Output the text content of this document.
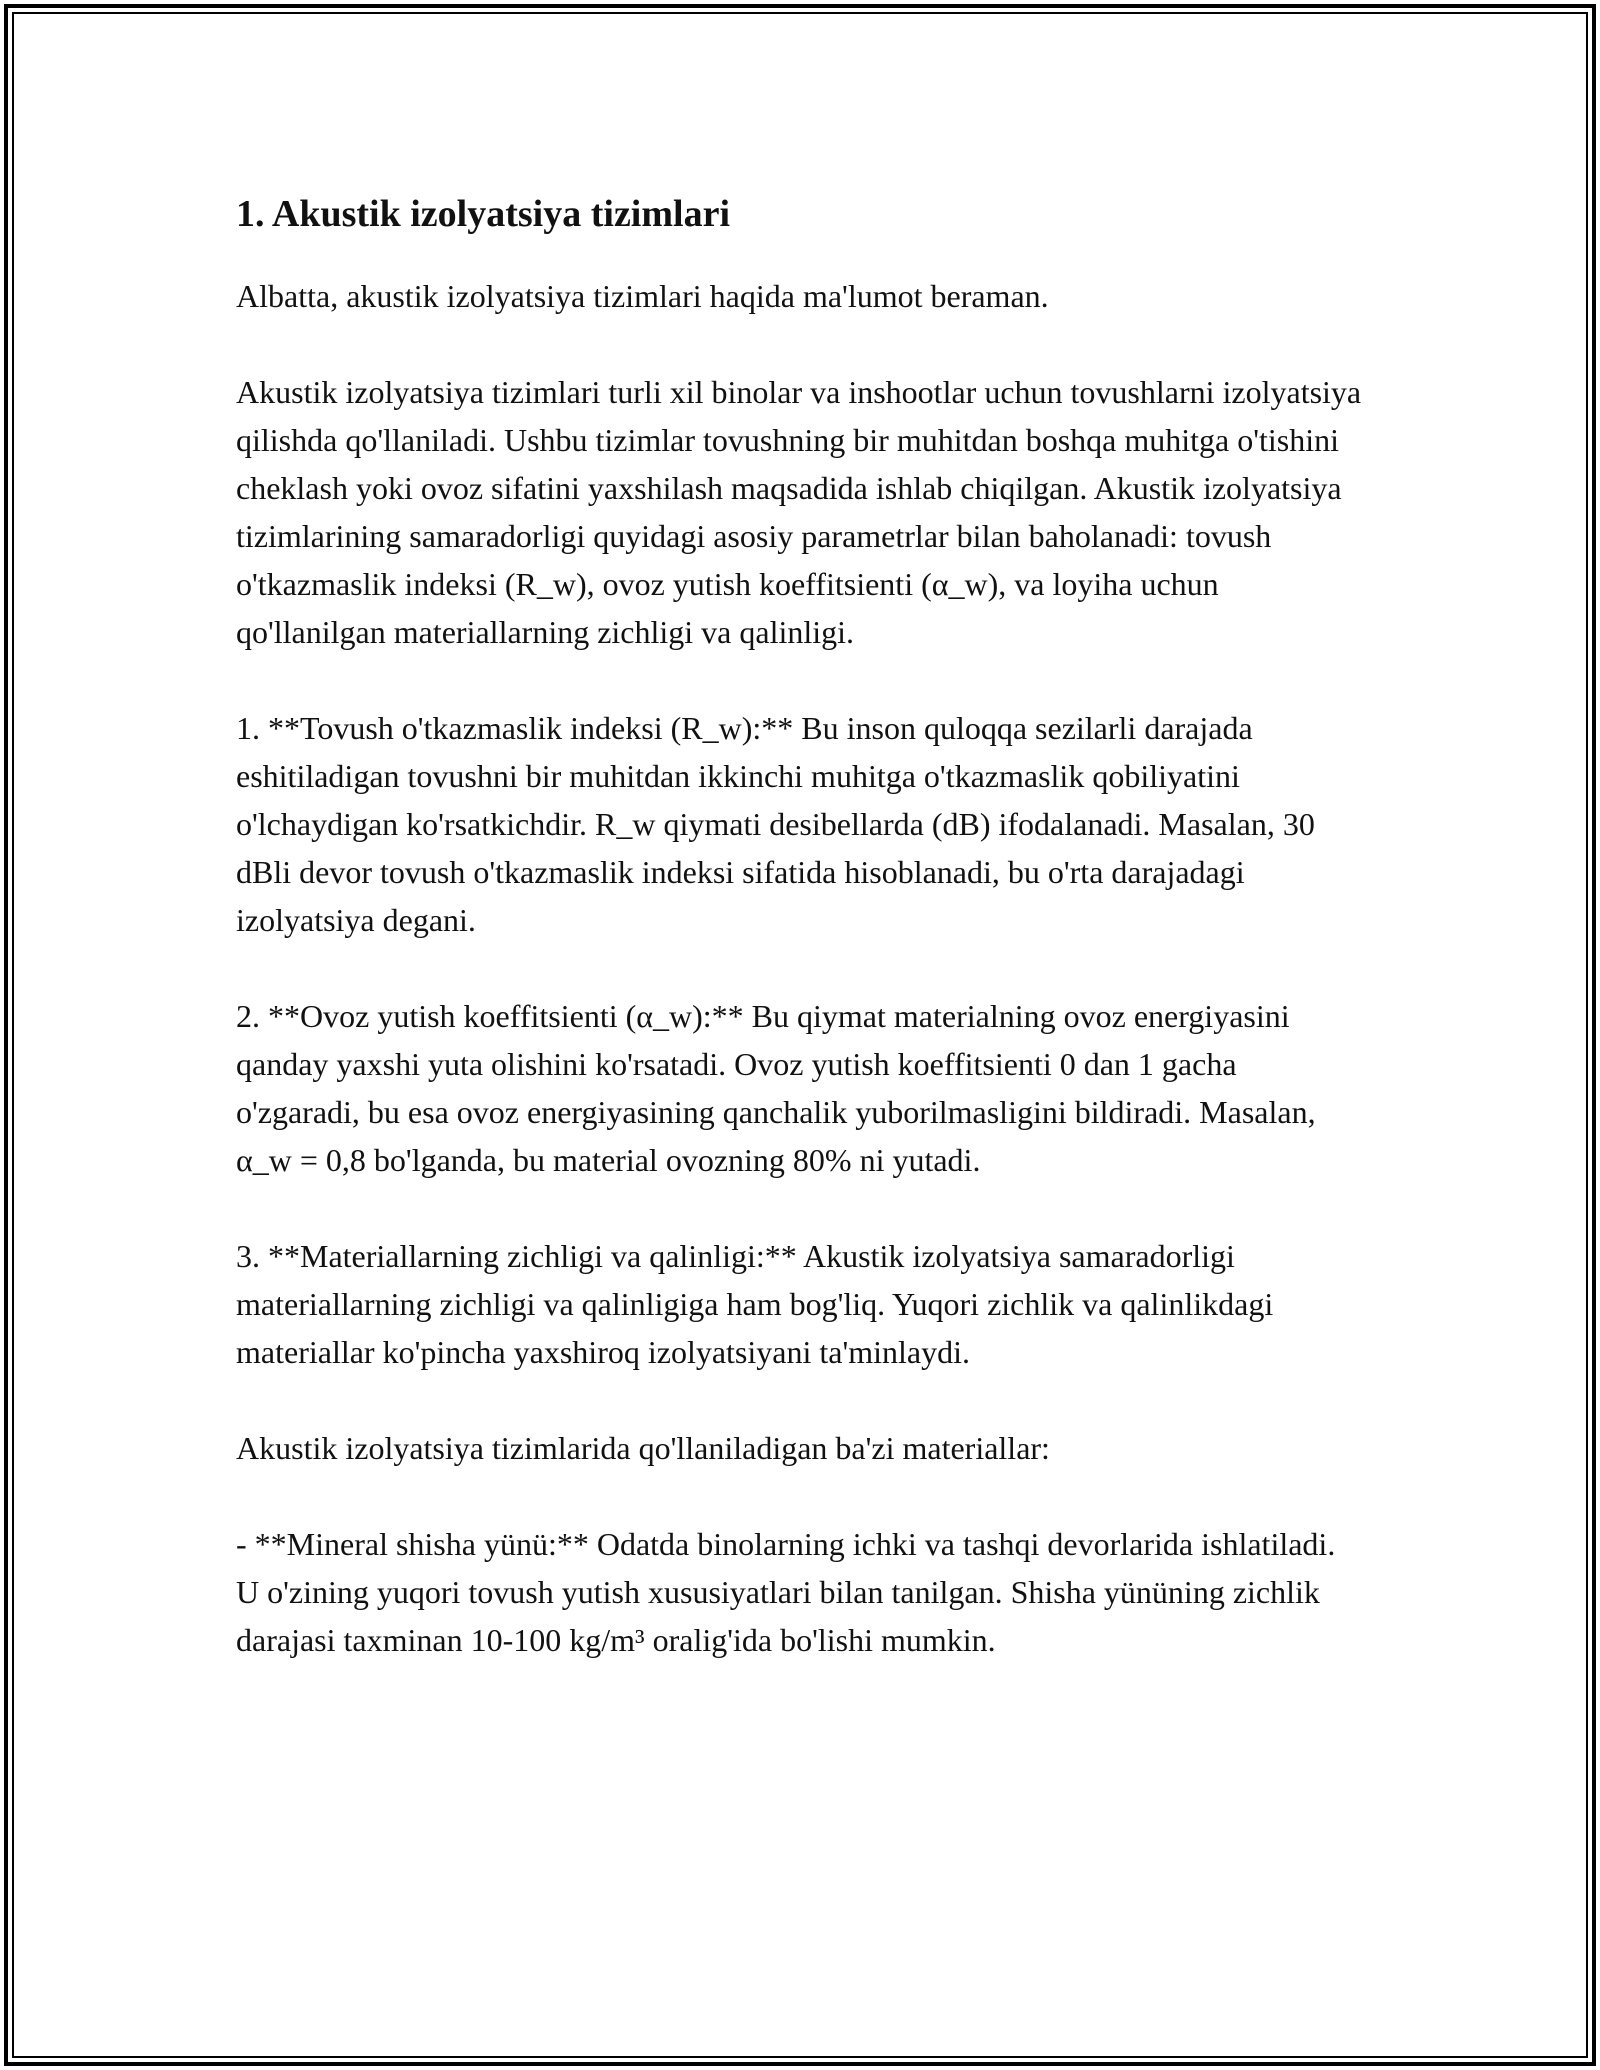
1. Akustik izolyatsiya tizimlari

Albatta, akustik izolyatsiya tizimlari haqida ma'lumot beraman.

Akustik izolyatsiya tizimlari turli xil binolar va inshootlar uchun tovushlarni izolyatsiya qilishda qo'llaniladi. Ushbu tizimlar tovushning bir muhitdan boshqa muhitga o'tishini cheklash yoki ovoz sifatini yaxshilash maqsadida ishlab chiqilgan. Akustik izolyatsiya tizimlarining samaradorligi quyidagi asosiy parametrlar bilan baholanadi: tovush o'tkazmaslik indeksi (R_w), ovoz yutish koeffitsienti (α_w), va loyiha uchun qo'llanilgan materiallarning zichligi va qalinligi.

1. **Tovush o'tkazmaslik indeksi (R_w):** Bu inson quloqqa sezilarli darajada eshitiladigan tovushni bir muhitdan ikkinchi muhitga o'tkazmaslik qobiliyatini o'lchaydigan ko'rsatkichdir. R_w qiymati desibellarda (dB) ifodalanadi. Masalan, 30 dBli devor tovush o'tkazmaslik indeksi sifatida hisoblanadi, bu o'rta darajadagi izolyatsiya degani.

2. **Ovoz yutish koeffitsienti (α_w):** Bu qiymat materialning ovoz energiyasini qanday yaxshi yuta olishini ko'rsatadi. Ovoz yutish koeffitsienti 0 dan 1 gacha o'zgaradi, bu esa ovoz energiyasining qanchalik yuborilmasligini bildiradi. Masalan, α_w = 0,8 bo'lganda, bu material ovozning 80% ni yutadi.

3. **Materiallarning zichligi va qalinligi:** Akustik izolyatsiya samaradorligi materiallarning zichligi va qalinligiga ham bog'liq. Yuqori zichlik va qalinlikdagi materiallar ko'pincha yaxshiroq izolyatsiyani ta'minlaydi.

Akustik izolyatsiya tizimlarida qo'llaniladigan ba'zi materiallar:

- **Mineral shisha yünü:** Odatda binolarning ichki va tashqi devorlarida ishlatiladi. U o'zining yuqori tovush yutish xususiyatlari bilan tanilgan. Shisha yününing zichlik darajasi taxminan 10-100 kg/m³ oralig'ida bo'lishi mumkin.
